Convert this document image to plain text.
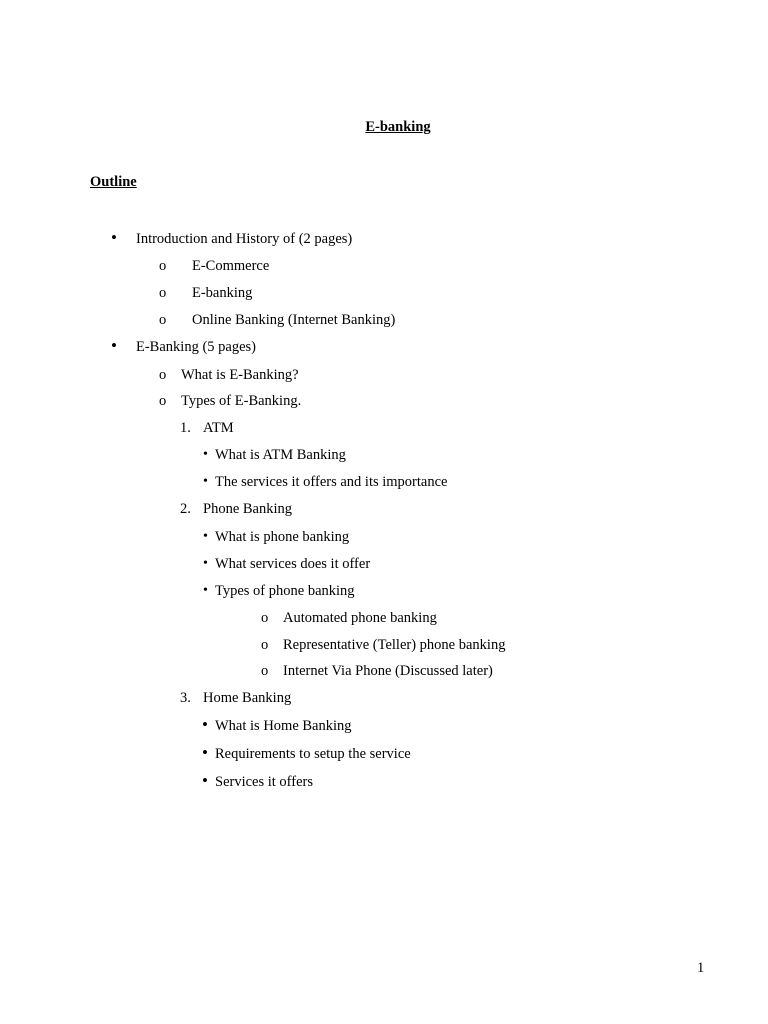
E-banking
Outline
• Introduction and History of (2 pages)
o E-Commerce
o E-banking
o Online Banking (Internet Banking)
• E-Banking (5 pages)
o What is E-Banking?
o Types of E-Banking.
1. ATM
• What is ATM Banking
• The services it offers and its importance
2. Phone Banking
• What is phone banking
• What services does it offer
• Types of phone banking
o Automated phone banking
o Representative (Teller) phone banking
o Internet Via Phone (Discussed later)
3. Home Banking
• What is Home Banking
• Requirements to setup the service
• Services it offers
1
